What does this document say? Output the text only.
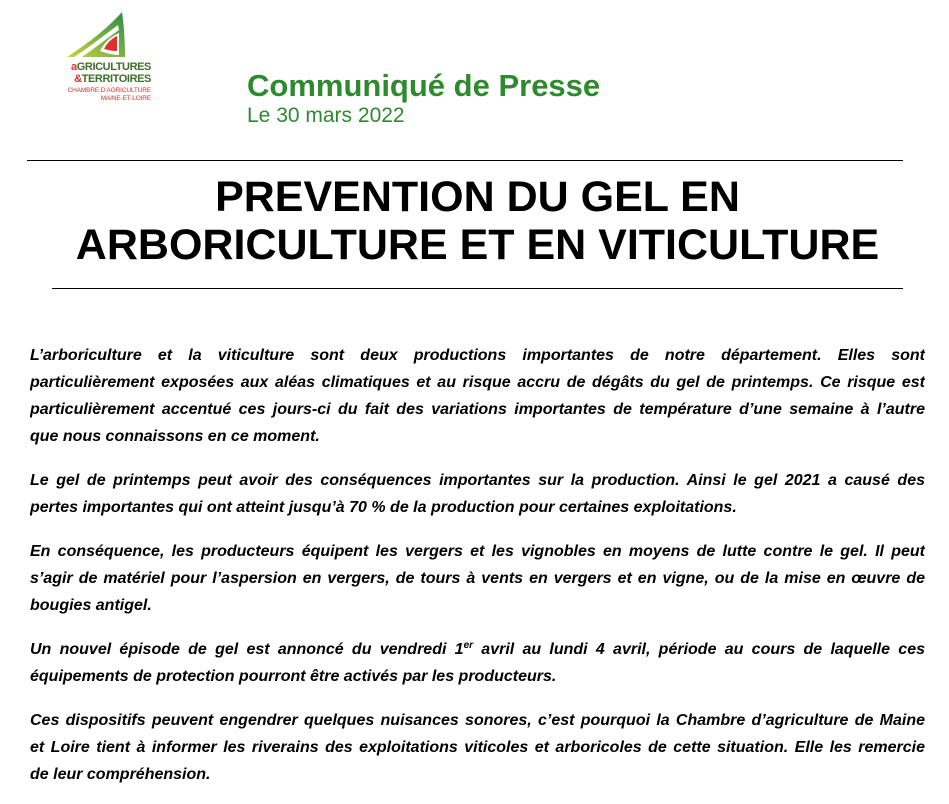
aGRICULTURES
&TERRITOIRES
CHAMBRE D’AGRICULTURE
MAINE-ET-LOIRE	Communiqué de Presse
Le 30 mars 2022
PREVENTION DU GEL EN
ARBORICULTURE ET EN VITICULTURE
L’arboriculture et la viticulture sont deux productions importantes de notre département. Elles sont
particulièrement exposées aux aléas climatiques et au risque accru de dégâts du gel de printemps. Ce risque est
particulièrement accentué ces jours-ci du fait des variations importantes de température d’une semaine à l’autre
que nous connaissons en ce moment.
Le gel de printemps peut avoir des conséquences importantes sur la production. Ainsi le gel 2021 a causé des
pertes importantes qui ont atteint jusqu’à 70 % de la production pour certaines exploitations.
En conséquence, les producteurs équipent les vergers et les vignobles en moyens de lutte contre le gel. Il peut
s’agir de matériel pour l’aspersion en vergers, de tours à vents en vergers et en vigne, ou de la mise en œuvre de
bougies antigel.
Un nouvel épisode de gel est annoncé du vendredi 1er avril au lundi 4 avril, période au cours de laquelle ces
équipements de protection pourront être activés par les producteurs.
Ces dispositifs peuvent engendrer quelques nuisances sonores, c’est pourquoi la Chambre d’agriculture de Maine
et Loire tient à informer les riverains des exploitations viticoles et arboricoles de cette situation. Elle les remercie
de leur compréhension.
